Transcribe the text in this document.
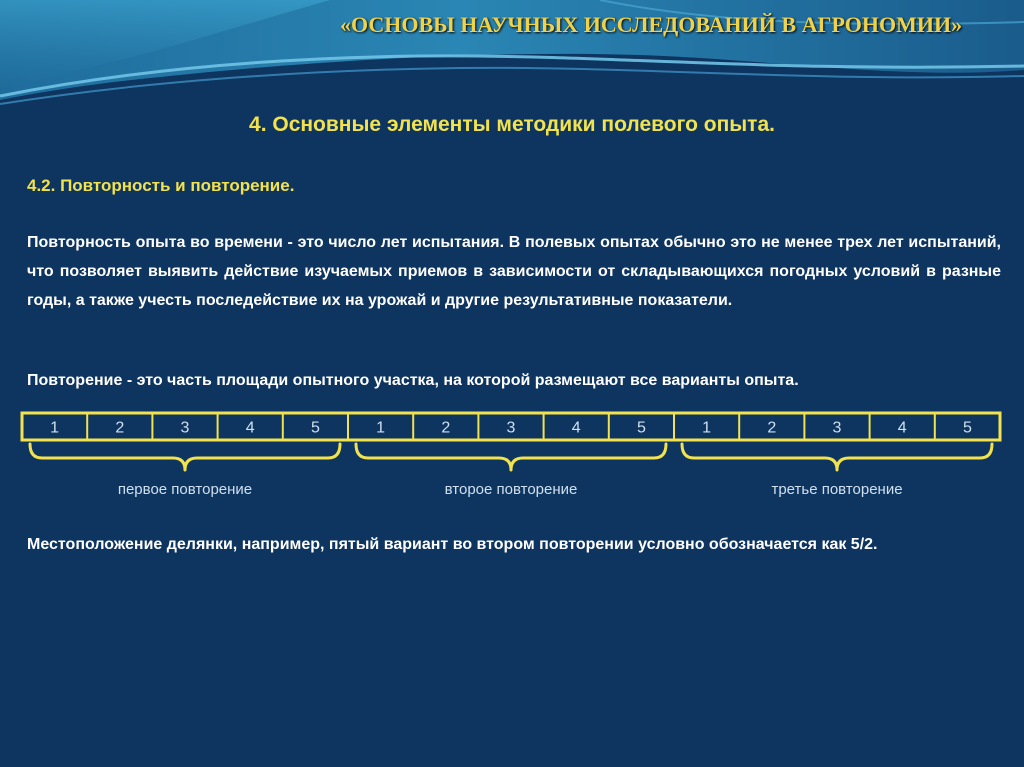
«ОСНОВЫ НАУЧНЫХ ИССЛЕДОВАНИЙ В АГРОНОМИИ»
4. Основные элементы методики полевого опыта.
4.2. Повторность и повторение.
Повторность опыта во времени - это число лет испытания. В полевых опытах обычно это не менее трех лет испытаний, что позволяет выявить действие изучаемых приемов в зависимости от складывающихся погодных условий в разные годы, а также учесть последействие их на урожай и другие результативные показатели.
Повторение - это часть площади опытного участка, на которой размещают все варианты опыта.
1	2	3	4	5
первое повторение
1	2	3	4	5
второе повторение
1	2	3	4	5
третье повторение
Местоположение делянки, например, пятый вариант во втором повторении условно обозначается как 5/2.
